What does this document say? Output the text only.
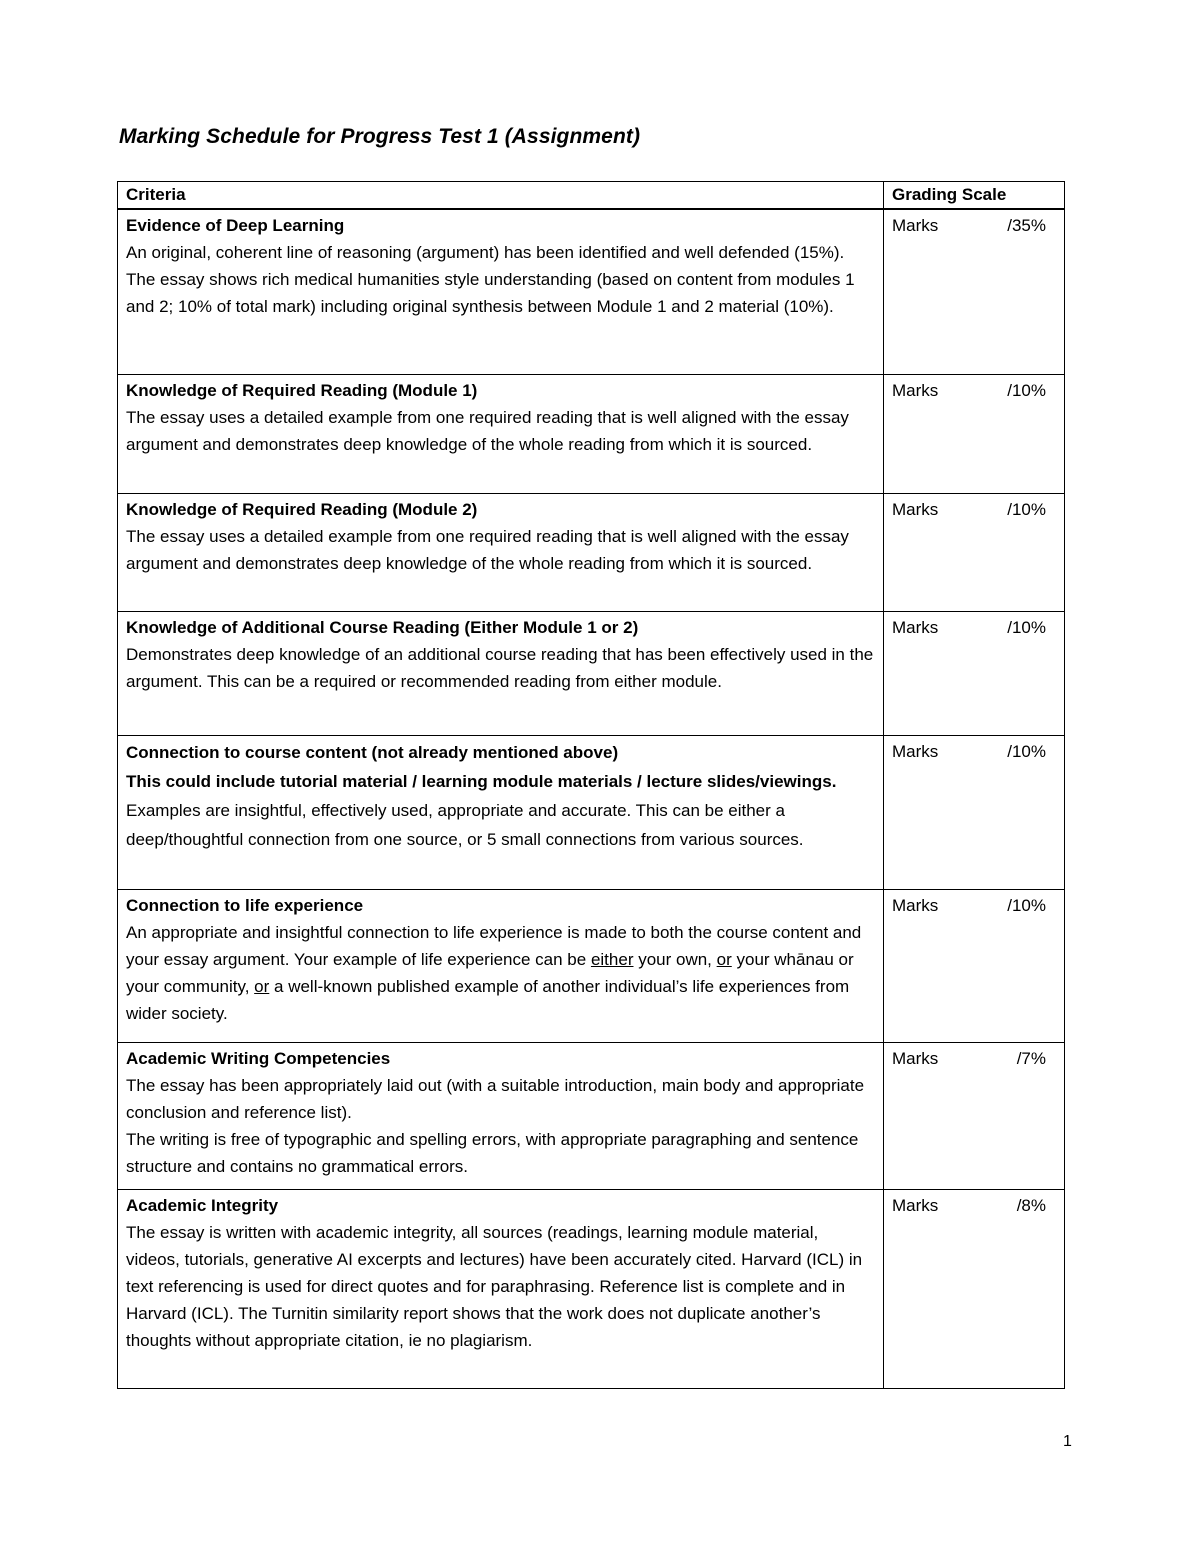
Marking Schedule for Progress Test 1 (Assignment)
Criteria	Grading Scale

Evidence of Deep Learning
An original, coherent line of reasoning (argument) has been identified and well defended (15%). The essay shows rich medical humanities style understanding (based on content from modules 1 and 2; 10% of total mark) including original synthesis between Module 1 and 2 material (10%).	Marks /35%

Knowledge of Required Reading (Module 1)
The essay uses a detailed example from one required reading that is well aligned with the essay argument and demonstrates deep knowledge of the whole reading from which it is sourced.	Marks /10%

Knowledge of Required Reading (Module 2)
The essay uses a detailed example from one required reading that is well aligned with the essay argument and demonstrates deep knowledge of the whole reading from which it is sourced.	Marks /10%

Knowledge of Additional Course Reading (Either Module 1 or 2)
Demonstrates deep knowledge of an additional course reading that has been effectively used in the argument. This can be a required or recommended reading from either module.	Marks /10%

Connection to course content (not already mentioned above)
This could include tutorial material / learning module materials / lecture slides/viewings. Examples are insightful, effectively used, appropriate and accurate. This can be either a deep/thoughtful connection from one source, or 5 small connections from various sources.	Marks /10%

Connection to life experience
An appropriate and insightful connection to life experience is made to both the course content and your essay argument. Your example of life experience can be either your own, or your whānau or your community, or a well-known published example of another individual’s life experiences from wider society.	Marks /10%

Academic Writing Competencies
The essay has been appropriately laid out (with a suitable introduction, main body and appropriate conclusion and reference list).
The writing is free of typographic and spelling errors, with appropriate paragraphing and sentence structure and contains no grammatical errors.	Marks /7%

Academic Integrity
The essay is written with academic integrity, all sources (readings, learning module material, videos, tutorials, generative AI excerpts and lectures) have been accurately cited. Harvard (ICL) in text referencing is used for direct quotes and for paraphrasing. Reference list is complete and in Harvard (ICL). The Turnitin similarity report shows that the work does not duplicate another’s thoughts without appropriate citation, ie no plagiarism.	Marks /8%
1
